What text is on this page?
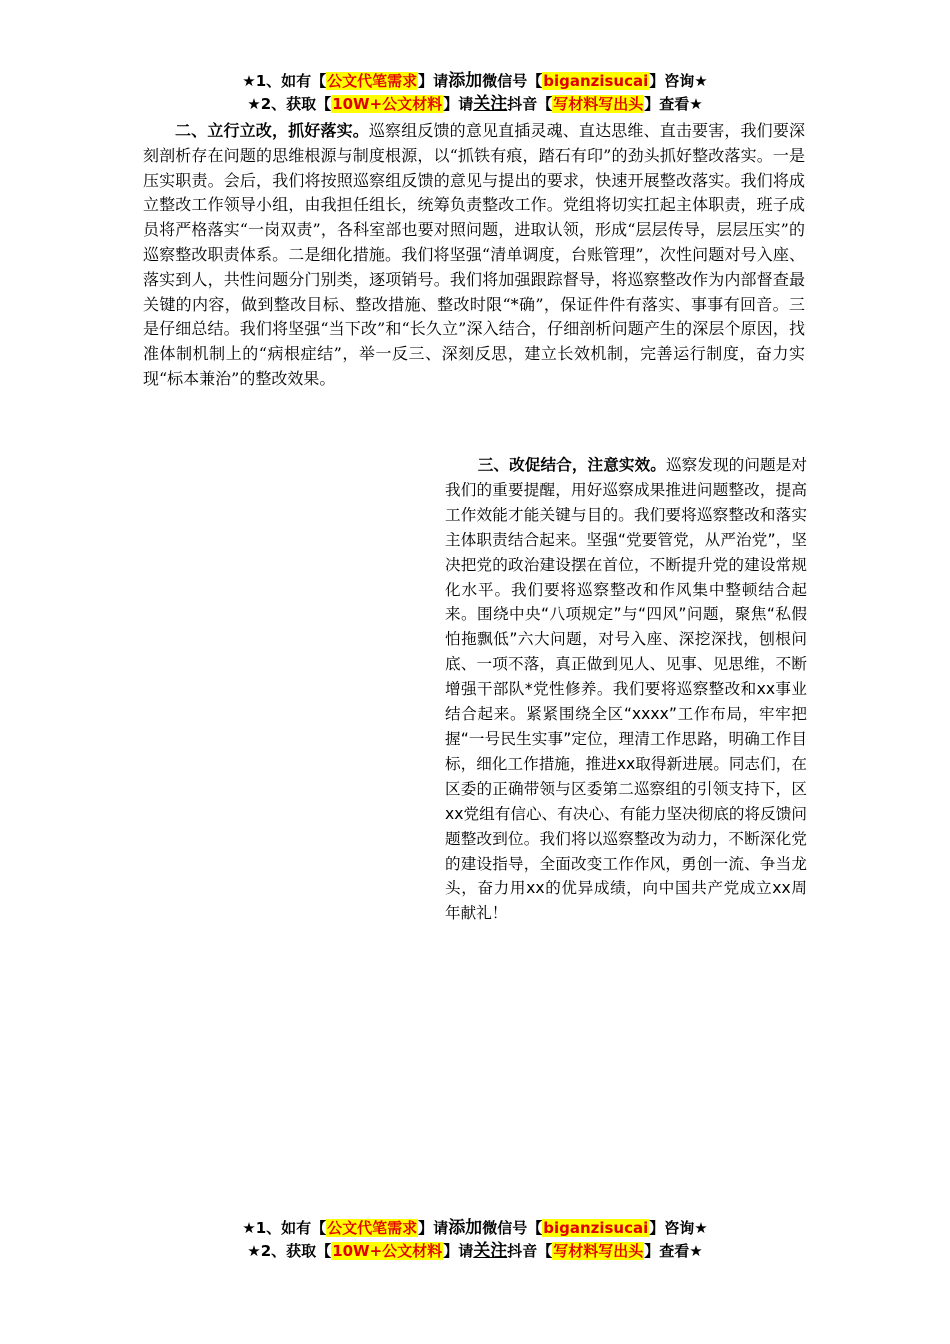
★1、如有【公文代笔需求】请添加微信号【biganzisucai】咨询★
★2、获取【10W+公文材料】请关注抖音【写材料写出头】查看★

二、立行立改，抓好落实。巡察组反馈的意见直插灵魂、直达思维、直击要害，我们要深刻剖析存在问题的思维根源与制度根源，以“抓铁有痕，踏石有印”的劲头抓好整改落实。一是压实职责。会后，我们将按照巡察组反馈的意见与提出的要求，快速开展整改落实。我们将成立整改工作领导小组，由我担任组长，统筹负责整改工作。党组将切实扛起主体职责，班子成员将严格落实“一岗双责”，各科室部也要对照问题，进取认领，形成“层层传导，层层压实”的巡察整改职责体系。二是细化措施。我们将坚强“清单调度，台账管理”，次性问题对号入座、落实到人，共性问题分门别类，逐项销号。我们将加强跟踪督导，将巡察整改作为内部督查最关键的内容，做到整改目标、整改措施、整改时限“*确”，保证件件有落实、事事有回音。三是仔细总结。我们将坚强“当下改”和“长久立”深入结合，仔细剖析问题产生的深层个原因，找准体制机制上的“病根症结”，举一反三、深刻反思，建立长效机制，完善运行制度，奋力实现“标本兼治”的整改效果。

三、改促结合，注意实效。巡察发现的问题是对我们的重要提醒，用好巡察成果推进问题整改，提高工作效能才能关键与目的。我们要将巡察整改和落实主体职责结合起来。坚强“党要管党，从严治党”，坚决把党的政治建设摆在首位，不断提升党的建设常规化水平。我们要将巡察整改和作风集中整顿结合起来。围绕中央“八项规定”与“四风”问题，聚焦“私假怕拖飘低”六大问题，对号入座、深挖深找，刨根问底、一项不落，真正做到见人、见事、见思维，不断增强干部队*党性修养。我们要将巡察整改和xx事业结合起来。紧紧围绕全区“xxxx”工作布局，牢牢把握“一号民生实事”定位，理清工作思路，明确工作目标，细化工作措施，推进xx取得新进展。同志们，在区委的正确带领与区委第二巡察组的引领支持下，区xx党组有信心、有决心、有能力坚决彻底的将反馈问题整改到位。我们将以巡察整改为动力，不断深化党的建设指导，全面改变工作作风，勇创一流、争当龙头，奋力用xx的优异成绩，向中国共产党成立xx周年献礼！

★1、如有【公文代笔需求】请添加微信号【biganzisucai】咨询★
★2、获取【10W+公文材料】请关注抖音【写材料写出头】查看★
